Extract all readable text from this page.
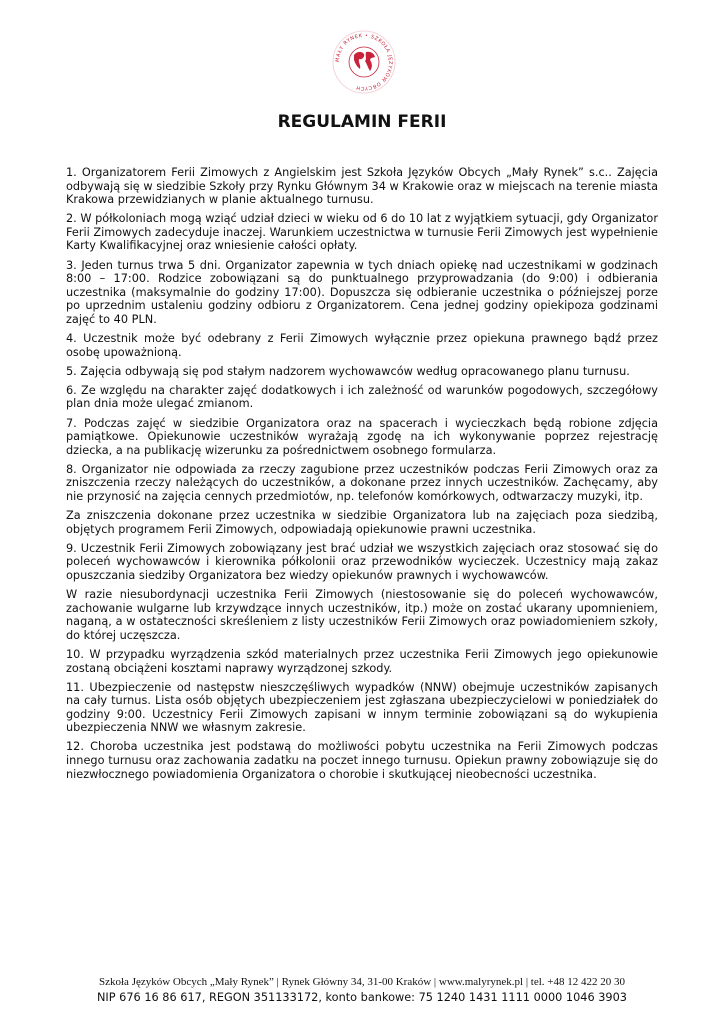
MAŁY RYNEK • SZKOŁA JĘZYKÓW OBCYCH
REGULAMIN FERII

1. Organizatorem Ferii Zimowych z Angielskim jest Szkoła Języków Obcych „Mały Rynek” s.c.. Zajęcia odbywają się w siedzibie Szkoły przy Rynku Głównym 34 w Krakowie oraz w miejscach na terenie miasta Krakowa przewidzianych w planie aktualnego turnusu.

2. W półkoloniach mogą wziąć udział dzieci w wieku od 6 do 10 lat z wyjątkiem sytuacji, gdy Organizator Ferii Zimowych zadecyduje inaczej. Warunkiem uczestnictwa w turnusie Ferii Zimowych jest wypełnienie Karty Kwalifikacyjnej oraz wniesienie całości opłaty.

3. Jeden turnus trwa 5 dni. Organizator zapewnia w tych dniach opiekę nad uczestnikami w godzinach 8:00 – 17:00. Rodzice zobowiązani są do punktualnego przyprowadzania (do 9:00) i odbierania uczestnika (maksymalnie do godziny 17:00). Dopuszcza się odbieranie uczestnika o późniejszej porze po uprzednim ustaleniu godziny odbioru z Organizatorem. Cena jednej godziny opiekipoza godzinami zajęć to 40 PLN.

4. Uczestnik może być odebrany z Ferii Zimowych wyłącznie przez opiekuna prawnego bądź przez osobę upoważnioną.

5. Zajęcia odbywają się pod stałym nadzorem wychowawców według opracowanego planu turnusu.

6. Ze względu na charakter zajęć dodatkowych i ich zależność od warunków pogodowych, szczegółowy plan dnia może ulegać zmianom.

7. Podczas zajęć w siedzibie Organizatora oraz na spacerach i wycieczkach będą robione zdjęcia pamiątkowe. Opiekunowie uczestników wyrażają zgodę na ich wykonywanie poprzez rejestrację dziecka, a na publikację wizerunku za pośrednictwem osobnego formularza.

8. Organizator nie odpowiada za rzeczy zagubione przez uczestników podczas Ferii Zimowych oraz za zniszczenia rzeczy należących do uczestników, a dokonane przez innych uczestników. Zachęcamy, aby nie przynosić na zajęcia cennych przedmiotów, np. telefonów komórkowych, odtwarzaczy muzyki, itp.

Za zniszczenia dokonane przez uczestnika w siedzibie Organizatora lub na zajęciach poza siedzibą, objętych programem Ferii Zimowych, odpowiadają opiekunowie prawni uczestnika.

9. Uczestnik Ferii Zimowych zobowiązany jest brać udział we wszystkich zajęciach oraz stosować się do poleceń wychowawców i kierownika półkolonii oraz przewodników wycieczek. Uczestnicy mają zakaz opuszczania siedziby Organizatora bez wiedzy opiekunów prawnych i wychowawców.

W razie niesubordynacji uczestnika Ferii Zimowych (niestosowanie się do poleceń wychowawców, zachowanie wulgarne lub krzywdzące innych uczestników, itp.) może on zostać ukarany upomnieniem, naganą, a w ostateczności skreśleniem z listy uczestników Ferii Zimowych oraz powiadomieniem szkoły, do której uczęszcza.

10. W przypadku wyrządzenia szkód materialnych przez uczestnika Ferii Zimowych jego opiekunowie zostaną obciążeni kosztami naprawy wyrządzonej szkody.

11. Ubezpieczenie od następstw nieszczęśliwych wypadków (NNW) obejmuje uczestników zapisanych na cały turnus. Lista osób objętych ubezpieczeniem jest zgłaszana ubezpieczycielowi w poniedziałek do godziny 9:00. Uczestnicy Ferii Zimowych zapisani w innym terminie zobowiązani są do wykupienia ubezpieczenia NNW we własnym zakresie.

12. Choroba uczestnika jest podstawą do możliwości pobytu uczestnika na Ferii Zimowych podczas innego turnusu oraz zachowania zadatku na poczet innego turnusu. Opiekun prawny zobowiązuje się do niezwłocznego powiadomienia Organizatora o chorobie i skutkującej nieobecności uczestnika.

Szkoła Języków Obcych „Mały Rynek” | Rynek Główny 34, 31-00 Kraków | www.malyrynek.pl | tel. +48 12 422 20 30
NIP 676 16 86 617, REGON 351133172, konto bankowe: 75 1240 1431 1111 0000 1046 3903
